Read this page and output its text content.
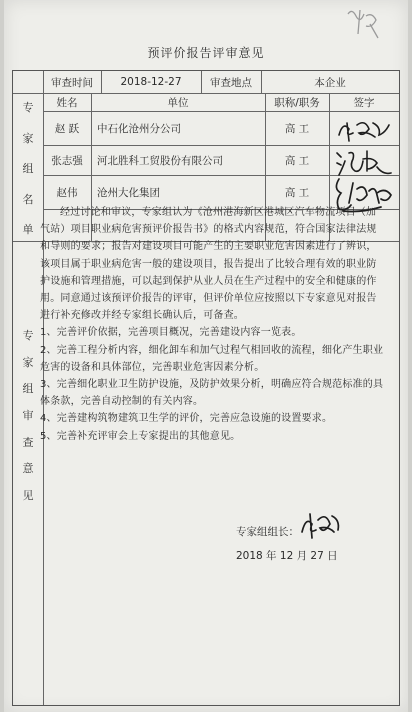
预评价报告评审意见
审查时间	2018-12-27	审查地点	本企业
专
家
组
名
单
姓名	单位	职称/职务	签字
赵 跃	中石化沧州分公司	高 工
张志强	河北胜科工贸股份有限公司	高 工
赵伟	沧州大化集团	高 工
专
家
组
审
查
意
见

经过讨论和审议，专家组认为《沧州港海新区港城区汽车物流项目（加气站）项目职业病危害预评价报告书》的格式内容规范，符合国家法律法规和导则的要求；报告对建设项目可能产生的主要职业危害因素进行了辨识，该项目属于职业病危害一般的建设项目，报告提出了比较合理有效的职业防护设施和管理措施，可以起到保护从业人员在生产过程中的安全和健康的作用。同意通过该预评价报告的评审，但评价单位应按照以下专家意见对报告进行补充修改并经专家组长确认后，可备查。

1、完善评价依据，完善项目概况，完善建设内容一览表。
2、完善工程分析内容，细化卸车和加气过程气相回收的流程，细化产生职业危害的设备和具体部位，完善职业危害因素分析。
3、完善细化职业卫生防护设施，及防护效果分析，明确应符合规范标准的具体条款，完善自动控制的有关内容。
4、完善建构筑物建筑卫生学的评价，完善应急设施的设置要求。
5、完善补充评审会上专家提出的其他意见。
专家组组长：
2018 年 12 月 27 日
